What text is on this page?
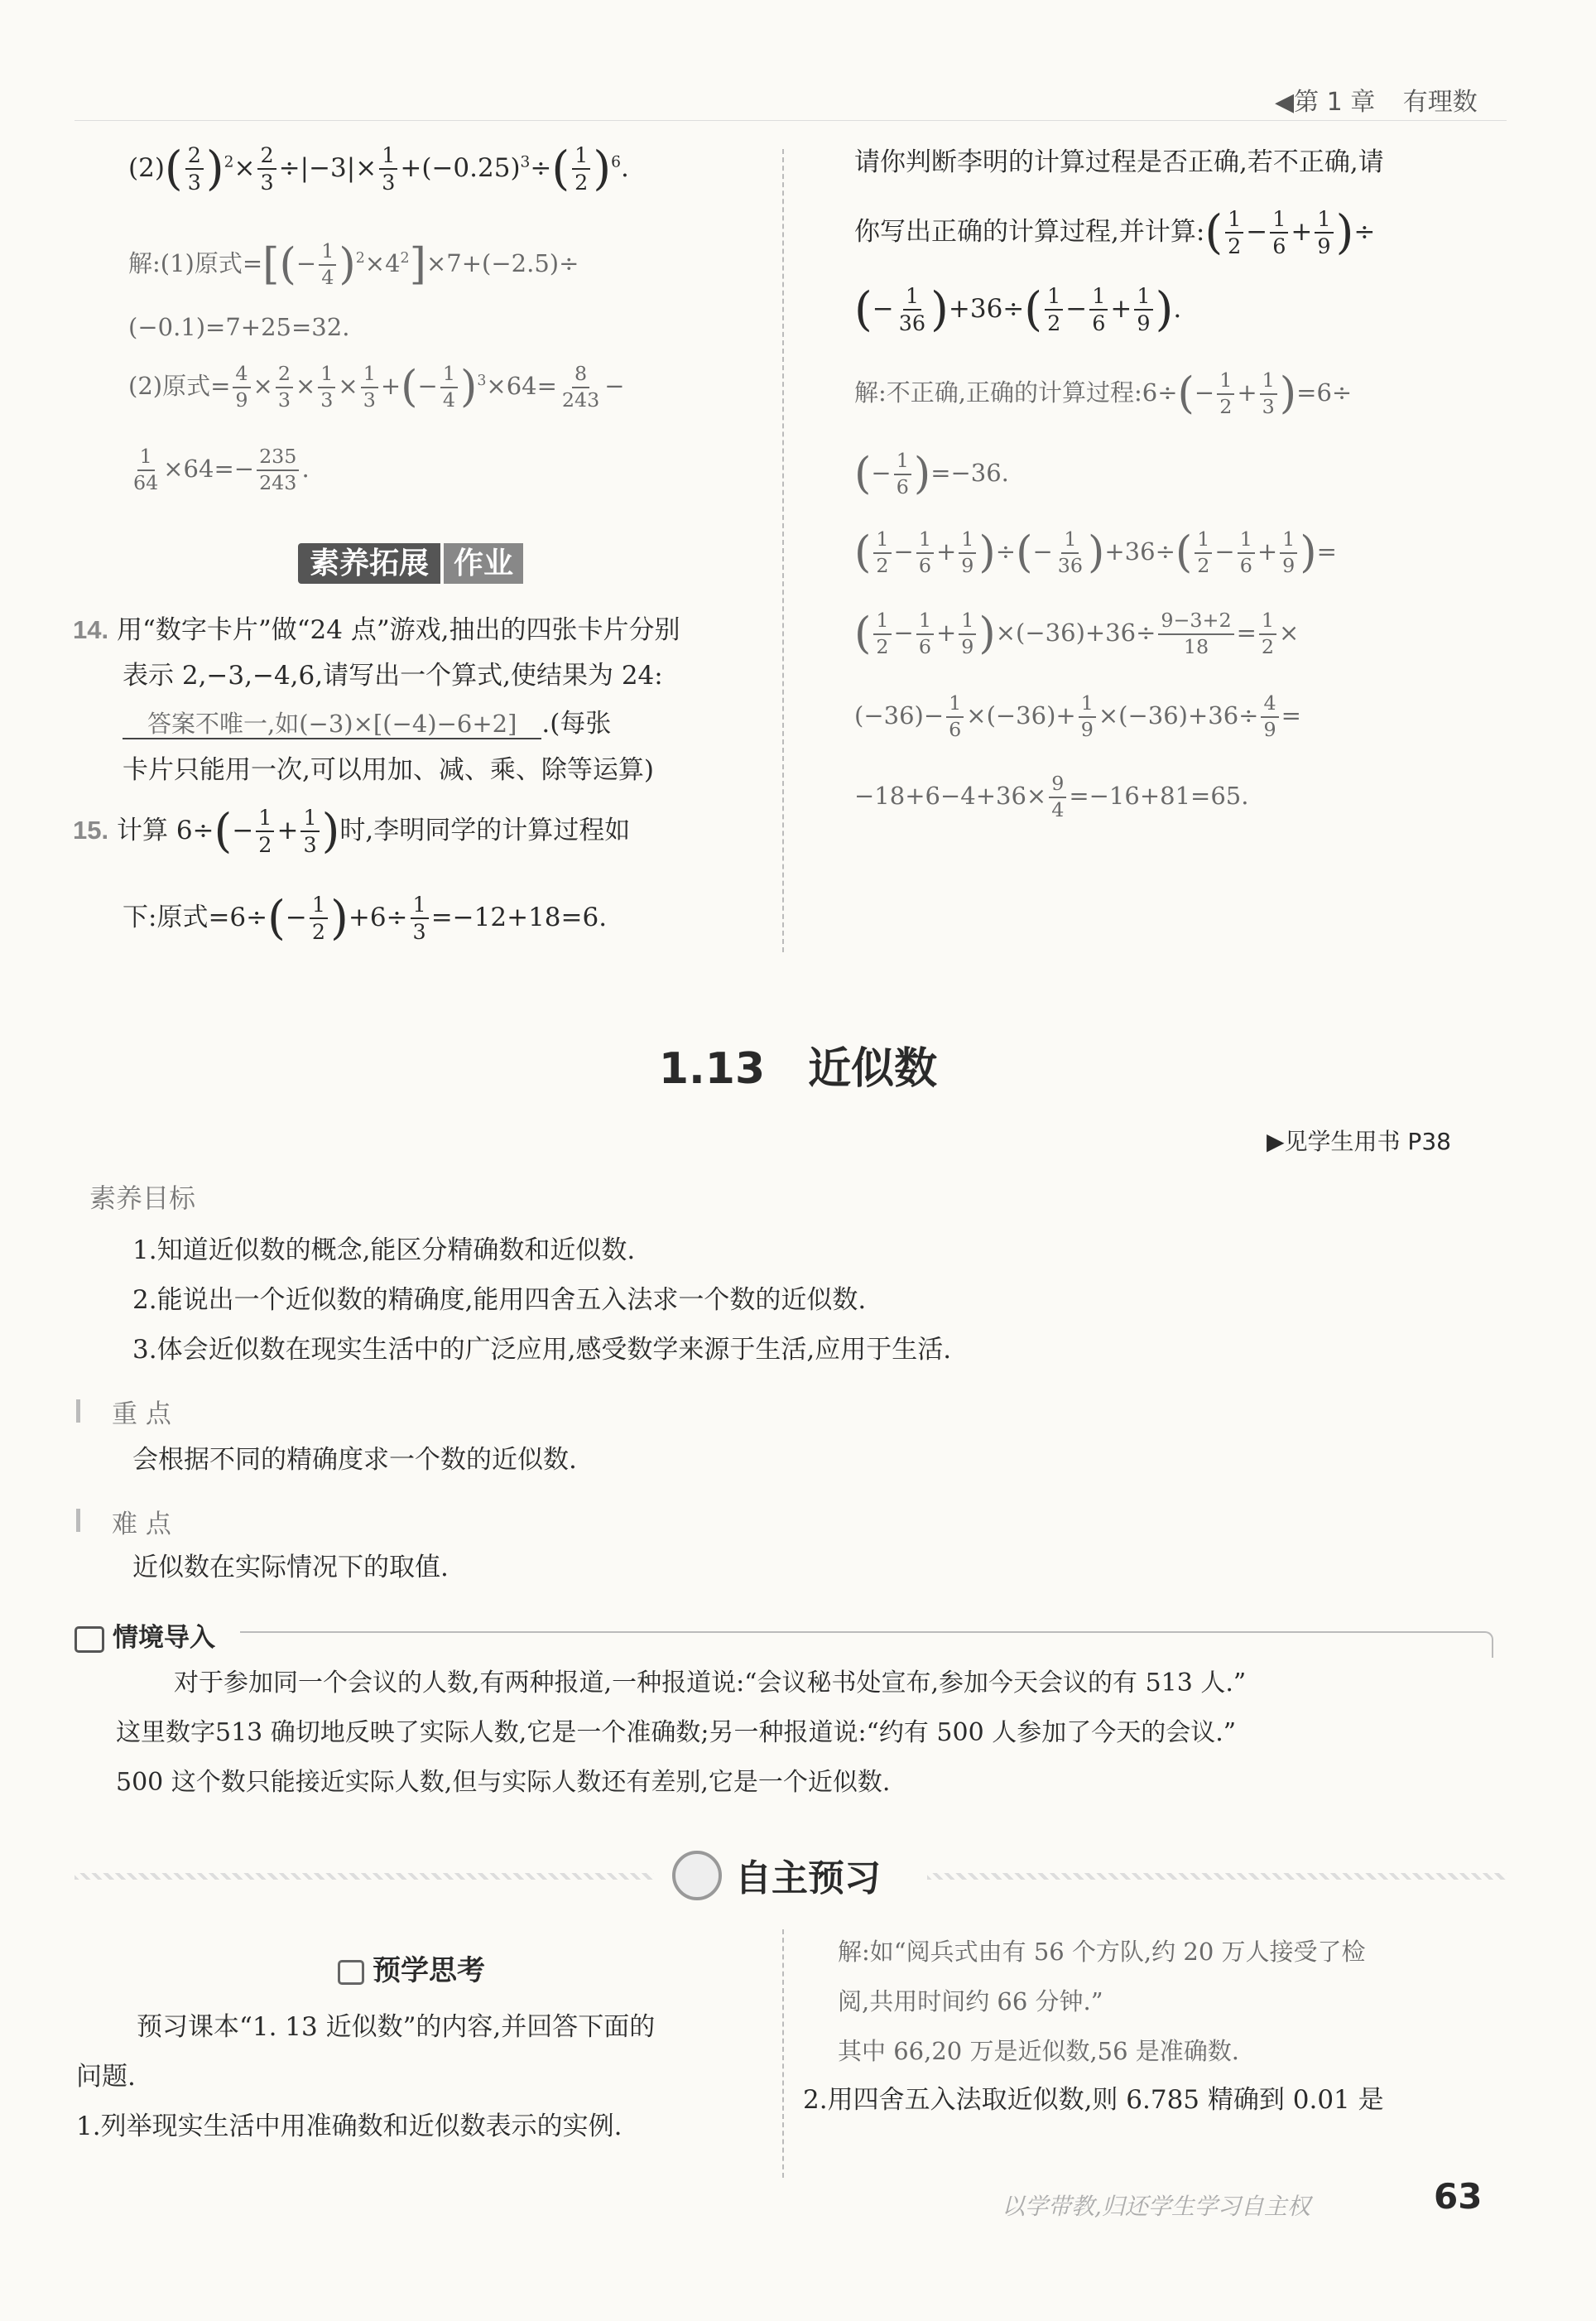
◀第 1 章 有理数
$(2)( \frac{2}{3} )^2\times \frac{2}{3} \div|-3|\times \frac{1}{3} +(-0.25)^3\div( \frac{1}{2} )^6$.
解:(1)原式=[(− $\frac{1}{4} )^2\times 4^2]\times 7+(-2.5)\div$
(−0.1)=7+25=32.
(2)原式= $\frac{4}{9} \times \frac{2}{3} \times \frac{1}{3} \times \frac{1}{3}$ +(− $\frac{1}{4} )^3\times 64= \frac{8}{243}$ −
$\frac{1}{64} \times 64=- \frac{235}{243}$ .
素养拓展 作业
14. 用“数字卡片”做“24 点”游戏,抽出的四张卡片分别
表示 2,−3,−4,6,请写出一个算式,使结果为 24:
答案不唯一,如(−3)×[(−4)−6+2] .(每张
卡片只能用一次,可以用加、减、乘、除等运算)
15. 计算 $6\div(- \frac{1}{2} + \frac{1}{3}$ )时,李明同学的计算过程如
下:原式$=6\div(- \frac{1}{2} )+6\div \frac{1}{3} =-12+18=6$.
请你判断李明的计算过程是否正确,若不正确,请
你写出正确的计算过程,并计算:( $\frac{1}{2} - \frac{1}{6} + \frac{1}{9}$ )÷
(− $\frac{1}{36} )+36\div( \frac{1}{2} - \frac{1}{6} + \frac{1}{9}$ ).
解:不正确,正确的计算过程:6÷(− $\frac{1}{2} + \frac{1}{3} )=6\div$
(− $\frac{1}{6} )=-36$.
( $\frac{1}{2} - \frac{1}{6} + \frac{1}{9}$ )÷(− $\frac{1}{36} )+36\div( \frac{1}{2} - \frac{1}{6} + \frac{1}{9}$ )=
( $\frac{1}{2} - \frac{1}{6} + \frac{1}{9} )\times(-36)+36\div \frac{9-3+2}{18} = \frac{1}{2}$ ×
$(-36)- \frac{1}{6} \times(-36)+ \frac{1}{9} \times(-36)+36\div \frac{4}{9}$ =
$-18+6-4+36\times \frac{9}{4} =-16+81=65$.
1.13　近似数
▶见学生用书 P38
素养目标
1.知道近似数的概念,能区分精确数和近似数.
2.能说出一个近似数的精确度,能用四舍五入法求一个数的近似数.
3.体会近似数在现实生活中的广泛应用,感受数学来源于生活,应用于生活.
重 点
会根据不同的精确度求一个数的近似数.
难 点
近似数在实际情况下的取值.
情境导入
对于参加同一个会议的人数,有两种报道,一种报道说:“会议秘书处宣布,参加今天会议的有 513 人.”
这里数字513 确切地反映了实际人数,它是一个准确数;另一种报道说:“约有 500 人参加了今天的会议.”
500 这个数只能接近实际人数,但与实际人数还有差别,它是一个近似数.
自主预习
预学思考
预习课本“1. 13 近似数”的内容,并回答下面的
问题.
1.列举现实生活中用准确数和近似数表示的实例.
解:如“阅兵式由有 56 个方队,约 20 万人接受了检
阅,共用时间约 66 分钟.”
其中 66,20 万是近似数,56 是准确数.
2.用四舍五入法取近似数,则 6.785 精确到 0.01 是
以学带教,归还学生学习自主权	63
